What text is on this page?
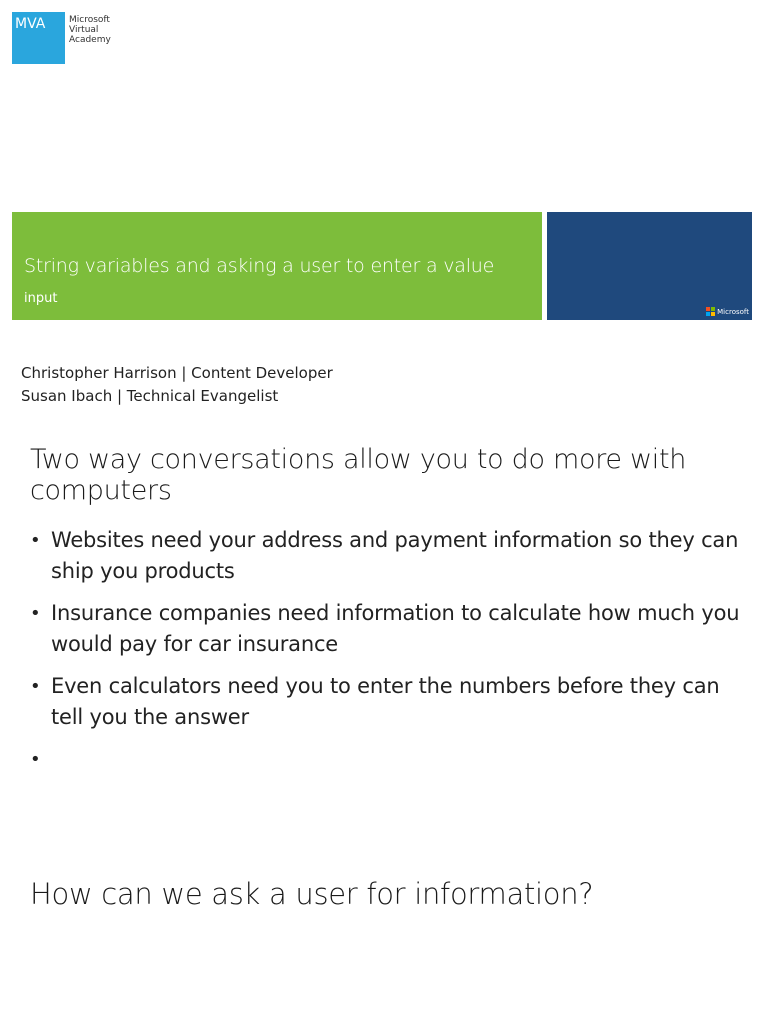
MVA	Microsoft
Virtual
Academy
String variables and asking a user to enter a value
input
Microsoft
Christopher Harrison | Content Developer
Susan Ibach | Technical Evangelist
Two way conversations allow you to do more with computers
• Websites need your address and payment information so they can ship you products
• Insurance companies need information to calculate how much you would pay for car insurance
• Even calculators need you to enter the numbers before they can tell you the answer
•
How can we ask a user for information?
